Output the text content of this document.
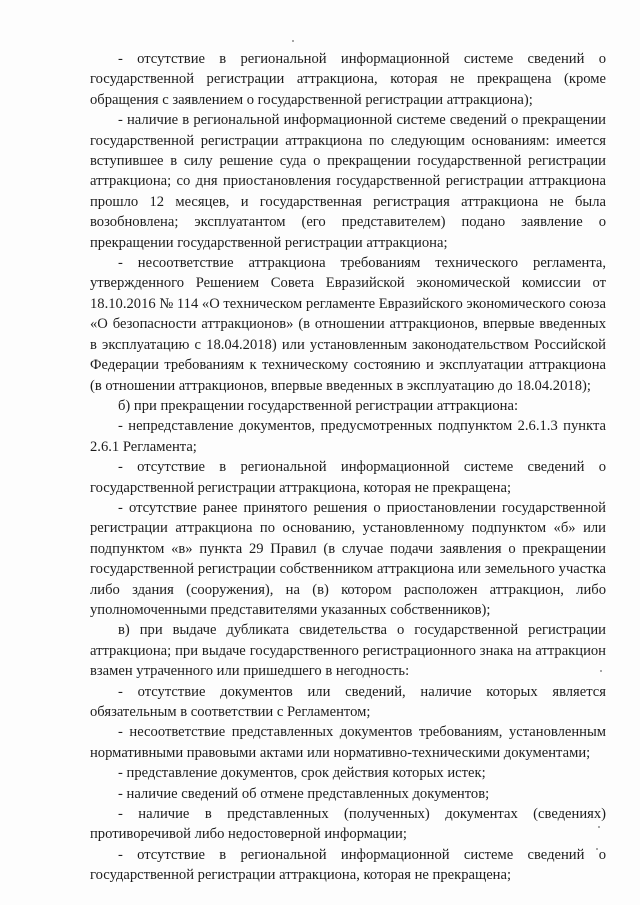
- отсутствие в региональной информационной системе сведений о государственной регистрации аттракциона, которая не прекращена (кроме обращения с заявлением о государственной регистрации аттракциона);

- наличие в региональной информационной системе сведений о прекращении государственной регистрации аттракциона по следующим основаниям: имеется вступившее в силу решение суда о прекращении государственной регистрации аттракциона; со дня приостановления государственной регистрации аттракциона прошло 12 месяцев, и государственная регистрация аттракциона не была возобновлена; эксплуатантом (его представителем) подано заявление о прекращении государственной регистрации аттракциона;

- несоответствие аттракциона требованиям технического регламента, утвержденного Решением Совета Евразийской экономической комиссии от 18.10.2016 № 114 «О техническом регламенте Евразийского экономического союза «О безопасности аттракционов» (в отношении аттракционов, впервые введенных в эксплуатацию с 18.04.2018) или установленным законодательством Российской Федерации требованиям к техническому состоянию и эксплуатации аттракциона (в отношении аттракционов, впервые введенных в эксплуатацию до 18.04.2018);

б) при прекращении государственной регистрации аттракциона:

- непредставление документов, предусмотренных подпунктом 2.6.1.3 пункта 2.6.1 Регламента;

- отсутствие в региональной информационной системе сведений о государственной регистрации аттракциона, которая не прекращена;

- отсутствие ранее принятого решения о приостановлении государственной регистрации аттракциона по основанию, установленному подпунктом «б» или подпунктом «в» пункта 29 Правил (в случае подачи заявления о прекращении государственной регистрации собственником аттракциона или земельного участка либо здания (сооружения), на (в) котором расположен аттракцион, либо уполномоченными представителями указанных собственников);

в) при выдаче дубликата свидетельства о государственной регистрации аттракциона; при выдаче государственного регистрационного знака на аттракцион взамен утраченного или пришедшего в негодность:

- отсутствие документов или сведений, наличие которых является обязательным в соответствии с Регламентом;

- несоответствие представленных документов требованиям, установленным нормативными правовыми актами или нормативно-техническими документами;

- представление документов, срок действия которых истек;

- наличие сведений об отмене представленных документов;

- наличие в представленных (полученных) документах (сведениях) противоречивой либо недостоверной информации;

- отсутствие в региональной информационной системе сведений о государственной регистрации аттракциона, которая не прекращена;
